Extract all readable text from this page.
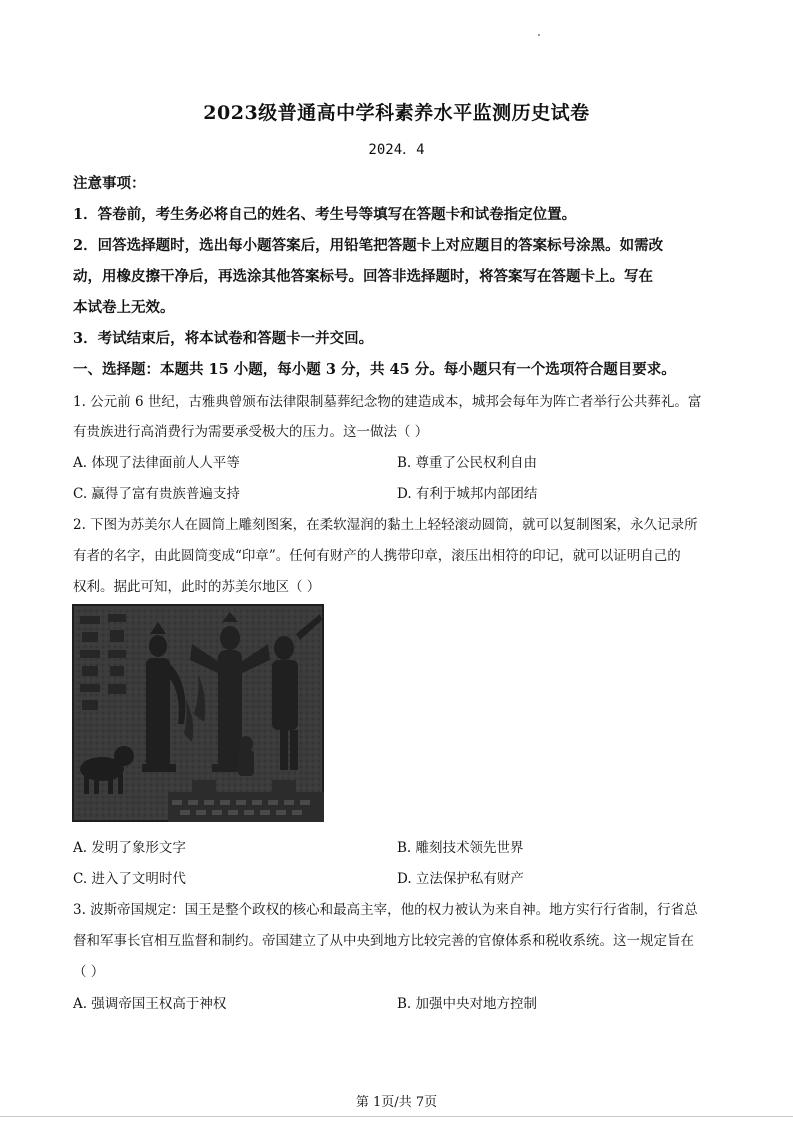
2023级普通高中学科素养水平监测历史试卷
2024．4
注意事项：
1．答卷前，考生务必将自己的姓名、考生号等填写在答题卡和试卷指定位置。
2．回答选择题时，选出每小题答案后，用铅笔把答题卡上对应题目的答案标号涂黑。如需改
动，用橡皮擦干净后，再选涂其他答案标号。回答非选择题时，将答案写在答题卡上。写在
本试卷上无效。
3．考试结束后，将本试卷和答题卡一并交回。
一、选择题：本题共 15 小题，每小题 3 分，共 45 分。每小题只有一个选项符合题目要求。
1. 公元前 6 世纪，古雅典曾颁布法律限制墓葬纪念物的建造成本，城邦会每年为阵亡者举行公共葬礼。富
有贵族进行高消费行为需要承受极大的压力。这一做法（ ）
A. 体现了法律面前人人平等	B. 尊重了公民权利自由
C. 赢得了富有贵族普遍支持	D. 有利于城邦内部团结
2. 下图为苏美尔人在圆筒上雕刻图案，在柔软湿润的黏土上轻轻滚动圆筒，就可以复制图案，永久记录所
有者的名字，由此圆筒变成“印章”。任何有财产的人携带印章，滚压出相符的印记，就可以证明自己的
权利。据此可知，此时的苏美尔地区（ ）
A. 发明了象形文字	B. 雕刻技术领先世界
C. 进入了文明时代	D. 立法保护私有财产
3. 波斯帝国规定：国王是整个政权的核心和最高主宰，他的权力被认为来自神。地方实行行省制，行省总
督和军事长官相互监督和制约。帝国建立了从中央到地方比较完善的官僚体系和税收系统。这一规定旨在
（ ）
A. 强调帝国王权高于神权	B. 加强中央对地方控制
第 1页/共 7页
